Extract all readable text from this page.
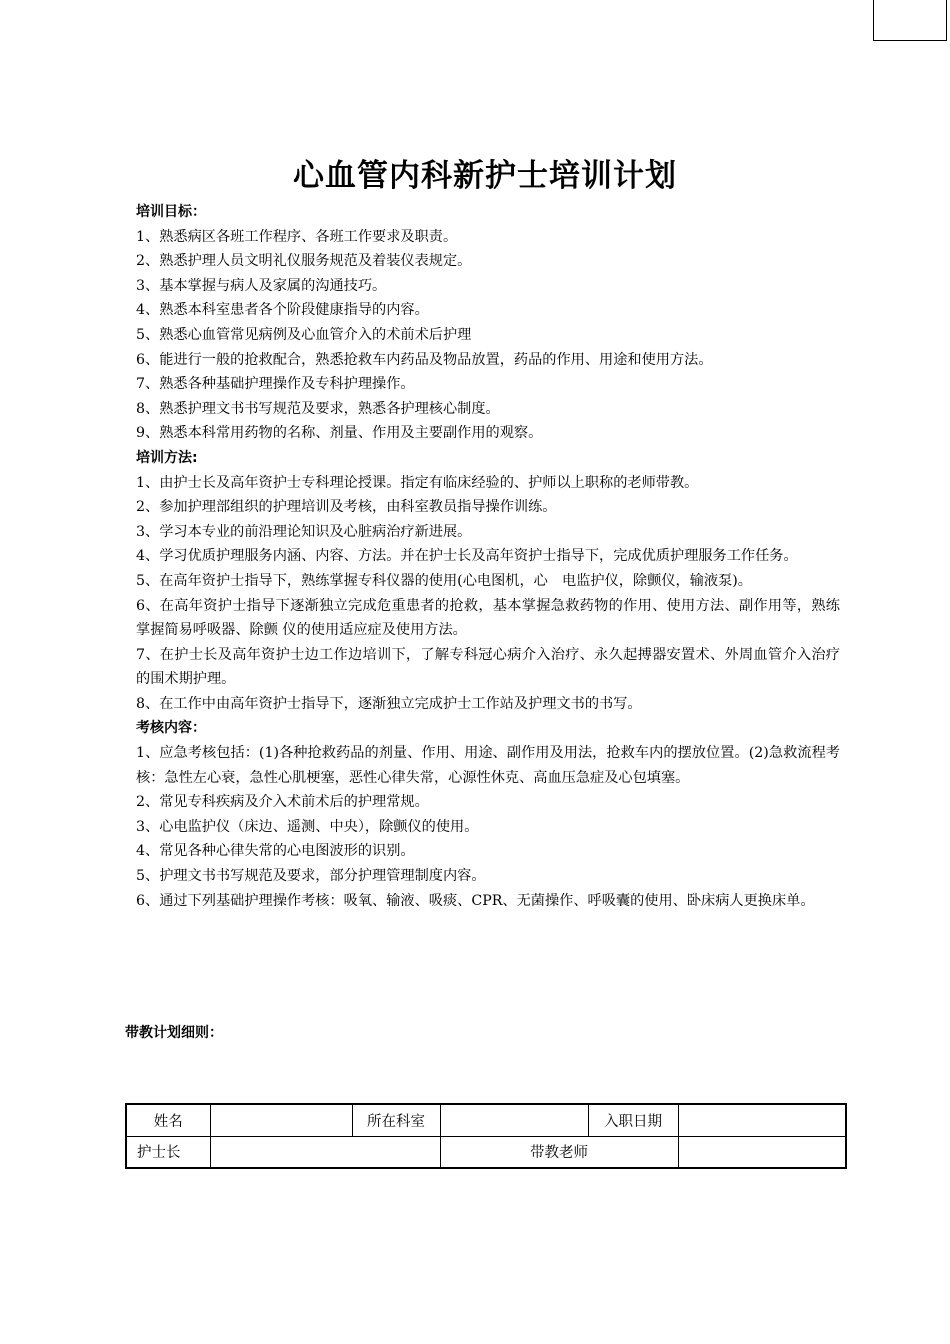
心血管内科新护士培训计划
培训目标：
1、熟悉病区各班工作程序、各班工作要求及职责。
2、熟悉护理人员文明礼仪服务规范及着装仪表规定。
3、基本掌握与病人及家属的沟通技巧。
4、熟悉本科室患者各个阶段健康指导的内容。
5、熟悉心血管常见病例及心血管介入的术前术后护理
6、能进行一般的抢救配合，熟悉抢救车内药品及物品放置，药品的作用、用途和使用方法。
7、熟悉各种基础护理操作及专科护理操作。
8、熟悉护理文书书写规范及要求，熟悉各护理核心制度。
9、熟悉本科常用药物的名称、剂量、作用及主要副作用的观察。
培训方法:
1、由护士长及高年资护士专科理论授课。指定有临床经验的、护师以上职称的老师带教。
2、参加护理部组织的护理培训及考核，由科室教员指导操作训练。
3、学习本专业的前沿理论知识及心脏病治疗新进展。
4、学习优质护理服务内涵、内容、方法。并在护士长及高年资护士指导下，完成优质护理服务工作任务。
5、在高年资护士指导下，熟练掌握专科仪器的使用(心电图机，心　电监护仪，除颤仪，输液泵)。
6、在高年资护士指导下逐渐独立完成危重患者的抢救，基本掌握急救药物的作用、使用方法、副作用等，熟练掌握简易呼吸器、除颤 仪的使用适应症及使用方法。
7、在护士长及高年资护士边工作边培训下，了解专科冠心病介入治疗、永久起搏器安置术、外周血管介入治疗的围术期护理。
8、在工作中由高年资护士指导下，逐渐独立完成护士工作站及护理文书的书写。
考核内容：
1、应急考核包括：(1)各种抢救药品的剂量、作用、用途、副作用及用法，抢救车内的摆放位置。(2)急救流程考核：急性左心衰，急性心肌梗塞，恶性心律失常，心源性休克、高血压急症及心包填塞。
2、常见专科疾病及介入术前术后的护理常规。
3、心电监护仪（床边、遥测、中央），除颤仪的使用。
4、常见各种心律失常的心电图波形的识别。
5、护理文书书写规范及要求，部分护理管理制度内容。
6、通过下列基础护理操作考核：吸氧、输液、吸痰、CPR、无菌操作、呼吸囊的使用、卧床病人更换床单。
带教计划细则：
姓名		所在科室		入职日期	
护士长			带教老师		
